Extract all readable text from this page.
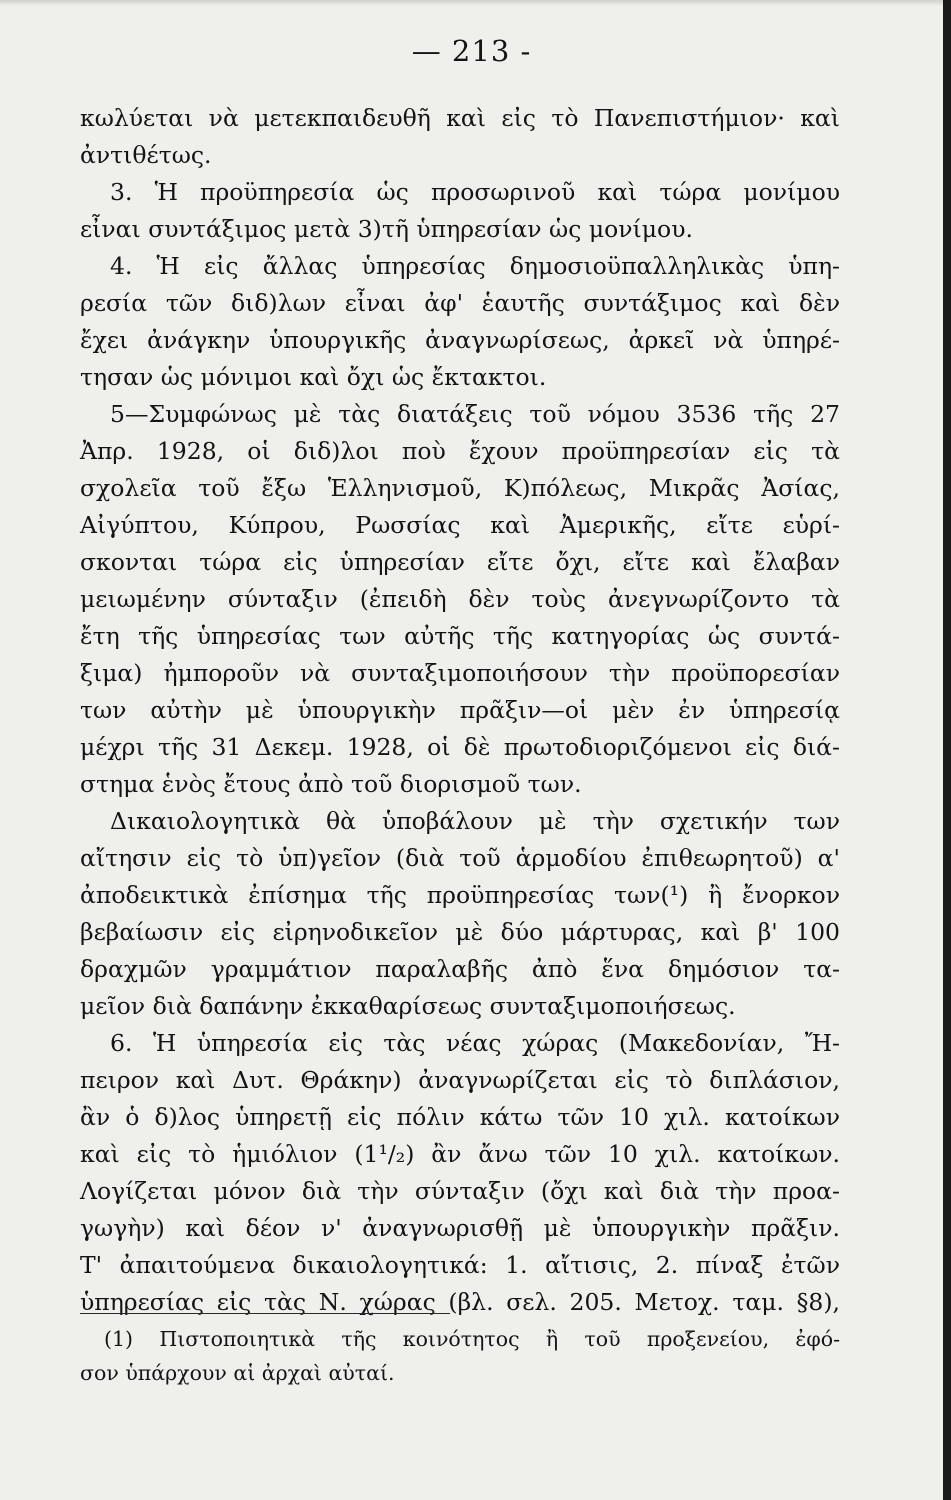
— 213 -
κωλύεται νὰ μετεκπαιδευθῆ καὶ εἰς τὸ Πανεπιστήμιον· καὶ
ἀντιθέτως.
3. Ἡ προϋπηρεσία ὡς προσωρινοῦ καὶ τώρα μονίμου
εἶναι συντάξιμος μετὰ 3)τῆ ὑπηρεσίαν ὡς μονίμου.
4. Ἡ εἰς ἄλλας ὑπηρεσίας δημοσιοϋπαλληλικὰς ὑπη-
ρεσία τῶν διδ)λων εἶναι ἀφ' ἑαυτῆς συντάξιμος καὶ δὲν
ἔχει ἀνάγκην ὑπουργικῆς ἀναγνωρίσεως, ἀρκεῖ νὰ ὑπηρέ-
τησαν ὡς μόνιμοι καὶ ὄχι ὡς ἔκτακτοι.
5—Συμφώνως μὲ τὰς διατάξεις τοῦ νόμου 3536 τῆς 27
Ἀπρ. 1928, οἱ διδ)λοι ποὺ ἔχουν προϋπηρεσίαν εἰς τὰ
σχολεῖα τοῦ ἔξω Ἑλληνισμοῦ, Κ)πόλεως, Μικρᾶς Ἀσίας,
Αἰγύπτου, Κύπρου, Ρωσσίας καὶ Ἀμερικῆς, εἴτε εὑρί-
σκονται τώρα εἰς ὑπηρεσίαν εἴτε ὄχι, εἴτε καὶ ἔλαβαν
μειωμένην σύνταξιν (ἐπειδὴ δὲν τοὺς ἀνεγνωρίζοντο τὰ
ἔτη τῆς ὑπηρεσίας των αὐτῆς τῆς κατηγορίας ὡς συντά-
ξιμα) ἠμποροῦν νὰ συνταξιμοποιήσουν τὴν προϋπορεσίαν
των αὐτὴν μὲ ὑπουργικὴν πρᾶξιν—οἱ μὲν ἐν ὑπηρεσίᾳ
μέχρι τῆς 31 Δεκεμ. 1928, οἱ δὲ πρωτοδιοριζόμενοι εἰς διά-
στημα ἑνὸς ἔτους ἀπὸ τοῦ διορισμοῦ των.
Δικαιολογητικὰ θὰ ὑποβάλουν μὲ τὴν σχετικήν των
αἴτησιν εἰς τὸ ὑπ)γεῖον (διὰ τοῦ ἁρμοδίου ἐπιθεωρητοῦ) α'
ἀποδεικτικὰ ἐπίσημα τῆς προϋπηρεσίας των(¹) ἢ ἔνορκον
βεβαίωσιν εἰς εἰρηνοδικεῖον μὲ δύο μάρτυρας, καὶ β' 100
δραχμῶν γραμμάτιον παραλαβῆς ἀπὸ ἕνα δημόσιον τα-
μεῖον διὰ δαπάνην ἐκκαθαρίσεως συνταξιμοποιήσεως.
6. Ἡ ὑπηρεσία εἰς τὰς νέας χώρας (Μακεδονίαν, Ἤ-
πειρον καὶ Δυτ. Θράκην) ἀναγνωρίζεται εἰς τὸ διπλάσιον,
ἂν ὁ δ)λος ὑπηρετῇ εἰς πόλιν κάτω τῶν 10 χιλ. κατοίκων
καὶ εἰς τὸ ἡμιόλιον (1¹/₂) ἂν ἄνω τῶν 10 χιλ. κατοίκων.
Λογίζεται μόνον διὰ τὴν σύνταξιν (ὄχι καὶ διὰ τὴν προα-
γωγὴν) καὶ δέον ν' ἀναγνωρισθῇ μὲ ὑπουργικὴν πρᾶξιν.
Τ' ἀπαιτούμενα δικαιολογητικά: 1. αἴτισις, 2. πίναξ ἐτῶν
ὑπηρεσίας εἰς τὰς Ν. χώρας (βλ. σελ. 205. Μετοχ. ταμ. §8),
(1) Πιστοποιητικὰ τῆς κοινότητος ἢ τοῦ προξενείου, ἐφό-
σον ὑπάρχουν αἱ ἀρχαὶ αὐταί.
